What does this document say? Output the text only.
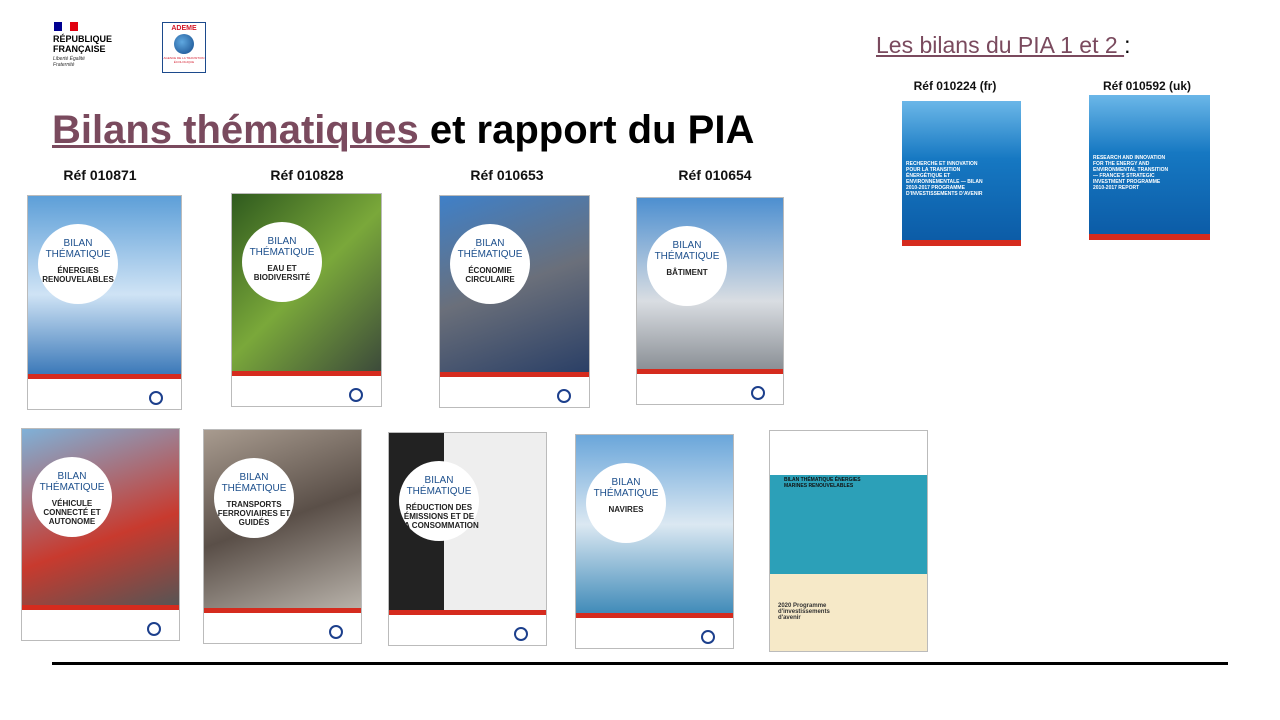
RÉPUBLIQUE FRANÇAISE
Liberté Égalité Fraternité
ADEME
AGENCE DE LA TRANSITION ÉCOLOGIQUE
Bilans thématiques et rapport du PIA
Les bilans du PIA 1 et 2 :
Réf 010224 (fr)	Réf 010592 (uk)
RECHERCHE ET INNOVATION POUR LA TRANSITION ÉNERGÉTIQUE ET ENVIRONNEMENTALE — BILAN 2010-2017 PROGRAMME D'INVESTISSEMENTS D'AVENIR
RESEARCH AND INNOVATION FOR THE ENERGY AND ENVIRONMENTAL TRANSITION — FRANCE'S STRATEGIC INVESTMENT PROGRAMME 2010-2017 REPORT
Réf 010871	Réf 010828	Réf 010653	Réf 010654
BILAN THÉMATIQUE
ÉNERGIES RENOUVELABLES
BILAN THÉMATIQUE
EAU ET BIODIVERSITÉ
BILAN THÉMATIQUE
ÉCONOMIE CIRCULAIRE
BILAN THÉMATIQUE
BÂTIMENT
BILAN THÉMATIQUE
VÉHICULE CONNECTÉ ET AUTONOME
BILAN THÉMATIQUE
TRANSPORTS FERROVIAIRES ET GUIDÉS
BILAN THÉMATIQUE
RÉDUCTION DES ÉMISSIONS ET DE LA CONSOMMATION
BILAN THÉMATIQUE
NAVIRES
BILAN THÉMATIQUE ÉNERGIES MARINES RENOUVELABLES
2020 Programme d'investissements d'avenir
